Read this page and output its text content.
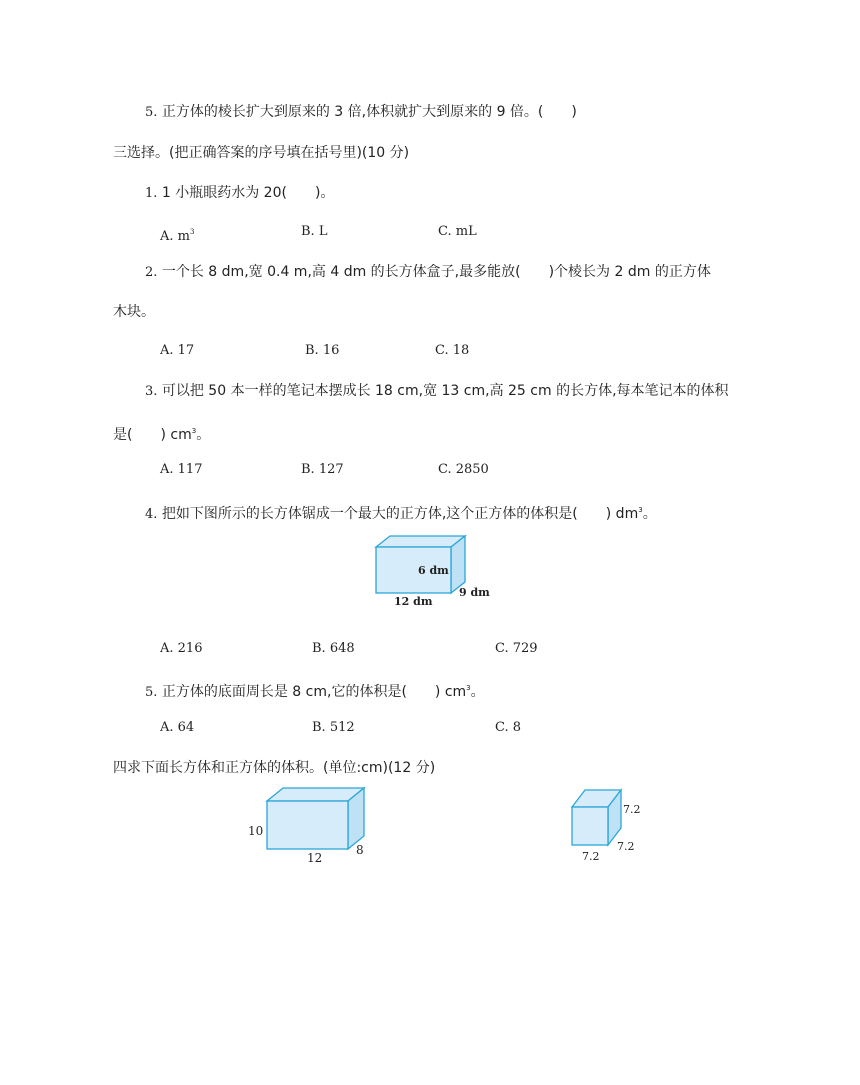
5. 正方体的棱长扩大到原来的 3 倍,体积就扩大到原来的 9 倍。(　　)
三选择。(把正确答案的序号填在括号里)(10 分)
1. 1 小瓶眼药水为 20(　　)。
A. $m^3$	B. L	C. mL
2. 一个长 8 dm,宽 0.4 m,高 4 dm 的长方体盒子,最多能放(　　)个棱长为 2 dm 的正方体
木块。
A. 17	B. 16	C. 18
3. 可以把 50 本一样的笔记本摆成长 18 cm,宽 13 cm,高 25 cm 的长方体,每本笔记本的体积
是(　　) $cm^3$。
A. 117	B. 127	C. 2850
4. 把如下图所示的长方体锯成一个最大的正方体,这个正方体的体积是(　　) $dm^3$。
6 dm
12 dm
9 dm
A. 216	B. 648	C. 729
5. 正方体的底面周长是 8 cm,它的体积是(　　) $cm^3$。
A. 64	B. 512	C. 8
四求下面长方体和正方体的体积。(单位:cm)(12 分)
10
12
8
7.2
7.2
7.2
